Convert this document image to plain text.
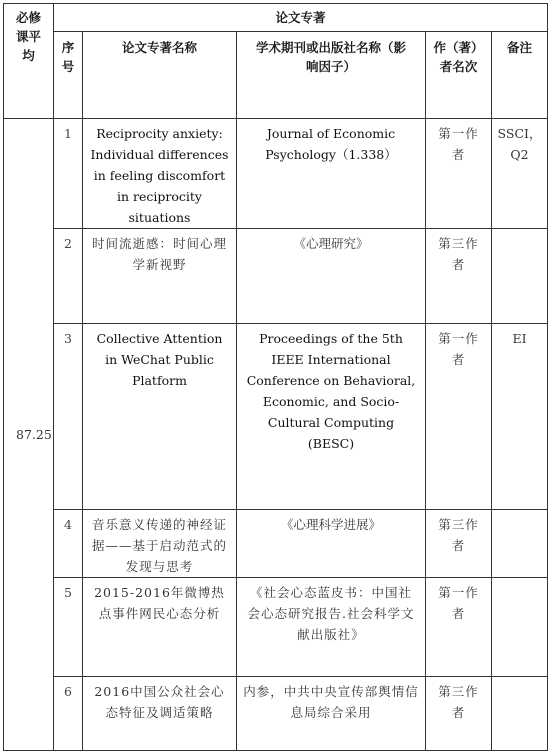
必修课平均	论文专著				
	序号	论文专著名称	学术期刊或出版社名称（影响因子）	作（著）者名次	备注
87.25	1	Reciprocity anxiety: Individual differences in feeling discomfort in reciprocity situations	Journal of Economic Psychology（1.338）	第一作者	SSCI，Q2
	2	时间流逝感：时间心理学新视野	《心理研究》	第三作者	
	3	Collective Attention in WeChat Public Platform	Proceedings of the 5th IEEE International Conference on Behavioral, Economic, and Socio-Cultural Computing (BESC)	第一作者	EI
	4	音乐意义传递的神经证据——基于启动范式的发现与思考	《心理科学进展》	第三作者	
	5	2015-2016年微博热点事件网民心态分析	《社会心态蓝皮书：中国社会心态研究报告.社会科学文献出版社》	第一作者	
	6	2016中国公众社会心态特征及调适策略	内参，中共中央宣传部舆情信息局综合采用	第三作者	
